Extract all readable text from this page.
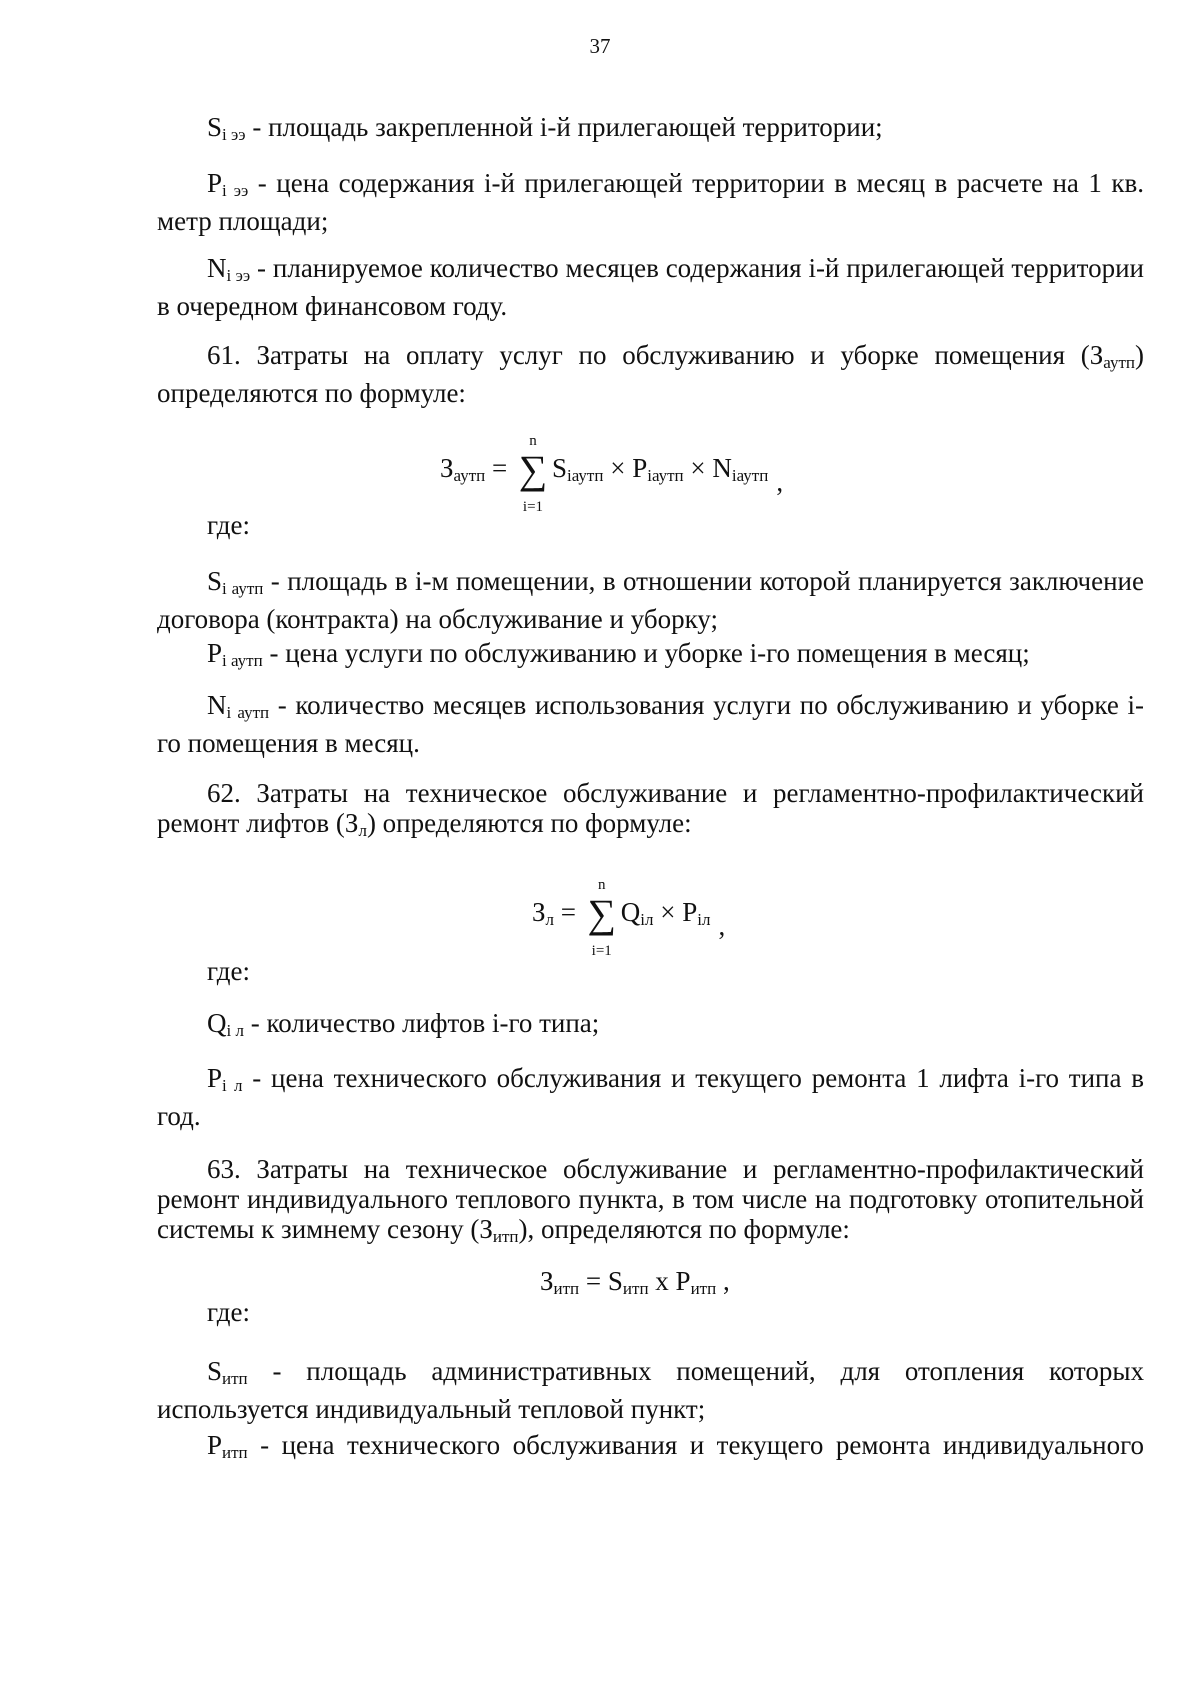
37
$S_{i ээ}$ - площадь закрепленной i-й прилегающей территории;
$P_{i ээ}$ - цена содержания i-й прилегающей территории в месяц в расчете на 1 кв. метр площади;
$N_{i ээ}$ - планируемое количество месяцев содержания i-й прилегающей территории в очередном финансовом году.
61. Затраты на оплату услуг по обслуживанию и уборке помещения $(З_{аутп})$ определяются по формуле:
$З_{аутп}$ =
n
∑
i=1
$S_{iаутп} \times P_{iаутп} \times N_{iаутп}$ ,
где:
$S_{i аутп}$ - площадь в i-м помещении, в отношении которой планируется заключение договора (контракта) на обслуживание и уборку;
$P_{i аутп}$ - цена услуги по обслуживанию и уборке i-го помещения в месяц;
$N_{i аутп}$ - количество месяцев использования услуги по обслуживанию и уборке i-го помещения в месяц.
62. Затраты на техническое обслуживание и регламентно-профилактический ремонт лифтов $(З_л)$ определяются по формуле:
$З_л$ =
n
∑
i=1
$Q_{iл} \times P_{iл}$ ,
где:
$Q_{i л}$ - количество лифтов i-го типа;
$P_{i л}$ - цена технического обслуживания и текущего ремонта 1 лифта i-го типа в год.
63. Затраты на техническое обслуживание и регламентно-профилактический ремонт индивидуального теплового пункта, в том числе на подготовку отопительной системы к зимнему сезону $(З_{итп})$, определяются по формуле:
$З_{итп} = S_{итп}$ x $P_{итп}$ ,
где:
$S_{итп}$ - площадь административных помещений, для отопления которых используется индивидуальный тепловой пункт;
$P_{итп}$ - цена технического обслуживания и текущего ремонта индивидуального
